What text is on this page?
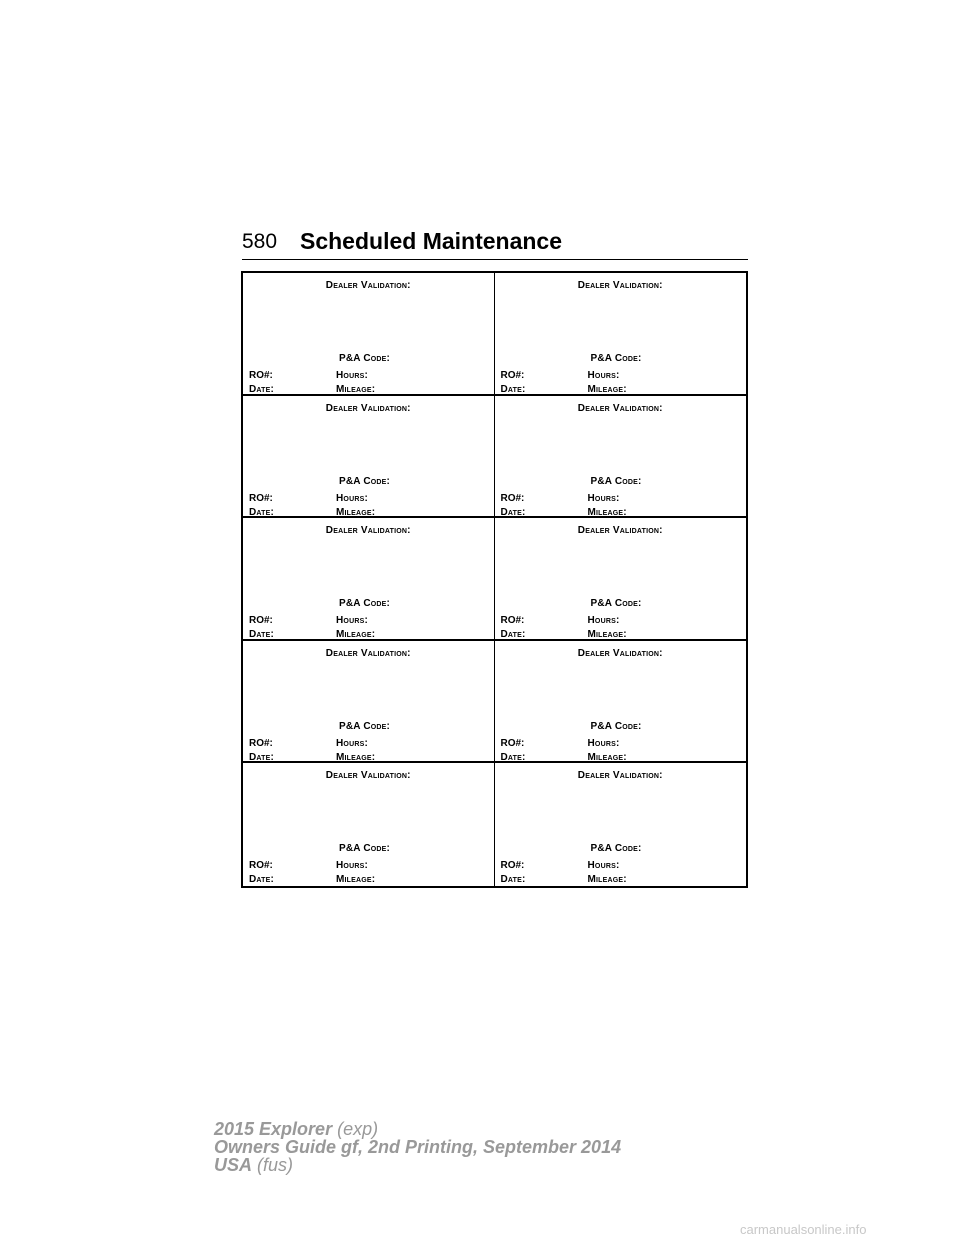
580 Scheduled Maintenance
Dealer Validation:
P&A Code:
RO#:	Hours:
Date:	Mileage:
Dealer Validation:
P&A Code:
RO#:	Hours:
Date:	Mileage:
Dealer Validation:
P&A Code:
RO#:	Hours:
Date:	Mileage:
Dealer Validation:
P&A Code:
RO#:	Hours:
Date:	Mileage:
Dealer Validation:
P&A Code:
RO#:	Hours:
Date:	Mileage:
Dealer Validation:
P&A Code:
RO#:	Hours:
Date:	Mileage:
Dealer Validation:
P&A Code:
RO#:	Hours:
Date:	Mileage:
Dealer Validation:
P&A Code:
RO#:	Hours:
Date:	Mileage:
Dealer Validation:
P&A Code:
RO#:	Hours:
Date:	Mileage:
Dealer Validation:
P&A Code:
RO#:	Hours:
Date:	Mileage:
2015 Explorer (exp)
Owners Guide gf, 2nd Printing, September 2014
USA (fus)
carmanualsonline.info
